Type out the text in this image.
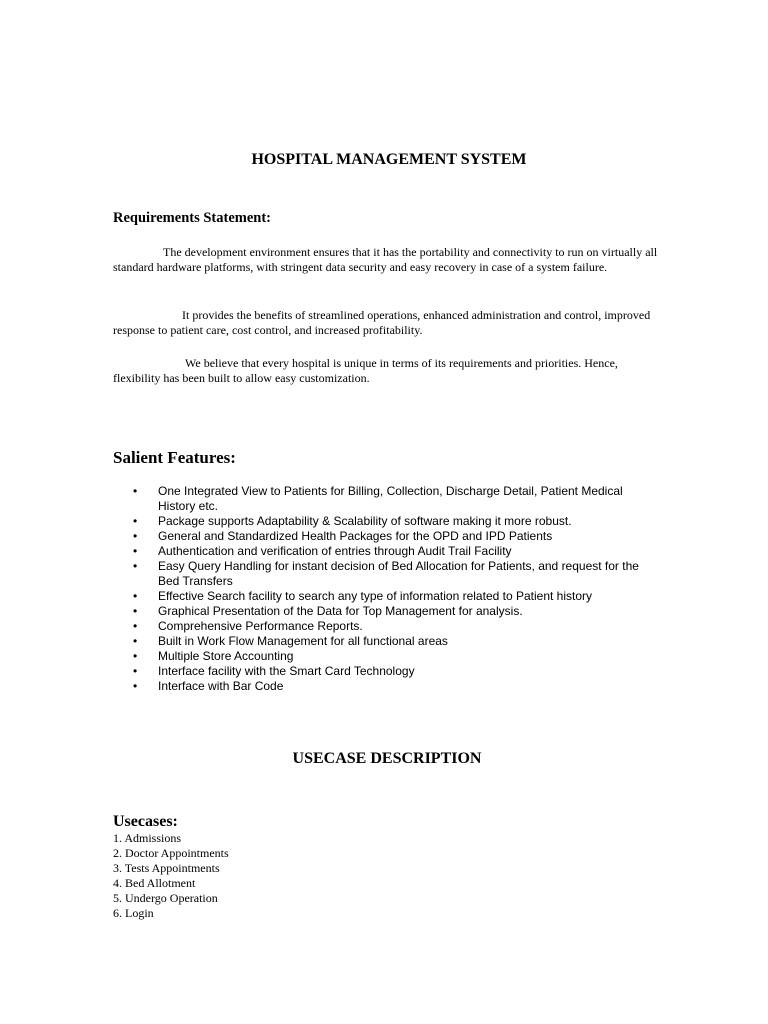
HOSPITAL MANAGEMENT SYSTEM
Requirements Statement:

The development environment ensures that it has the portability and connectivity to run on virtually all standard hardware platforms, with stringent data security and easy recovery in case of a system failure.

It provides the benefits of streamlined operations, enhanced administration and control, improved response to patient care, cost control, and increased profitability.

We believe that every hospital is unique in terms of its requirements and priorities. Hence, flexibility has been built to allow easy customization.

Salient Features:
• One Integrated View to Patients for Billing, Collection, Discharge Detail, Patient Medical History etc.
• Package supports Adaptability & Scalability of software making it more robust.
• General and Standardized Health Packages for the OPD and IPD Patients
• Authentication and verification of entries through Audit Trail Facility
• Easy Query Handling for instant decision of Bed Allocation for Patients, and request for the Bed Transfers
• Effective Search facility to search any type of information related to Patient history
• Graphical Presentation of the Data for Top Management for analysis.
• Comprehensive Performance Reports.
• Built in Work Flow Management for all functional areas
• Multiple Store Accounting
• Interface facility with the Smart Card Technology
• Interface with Bar Code
USECASE DESCRIPTION
Usecases:
1. Admissions
2. Doctor Appointments
3. Tests Appointments
4. Bed Allotment
5. Undergo Operation
6. Login
